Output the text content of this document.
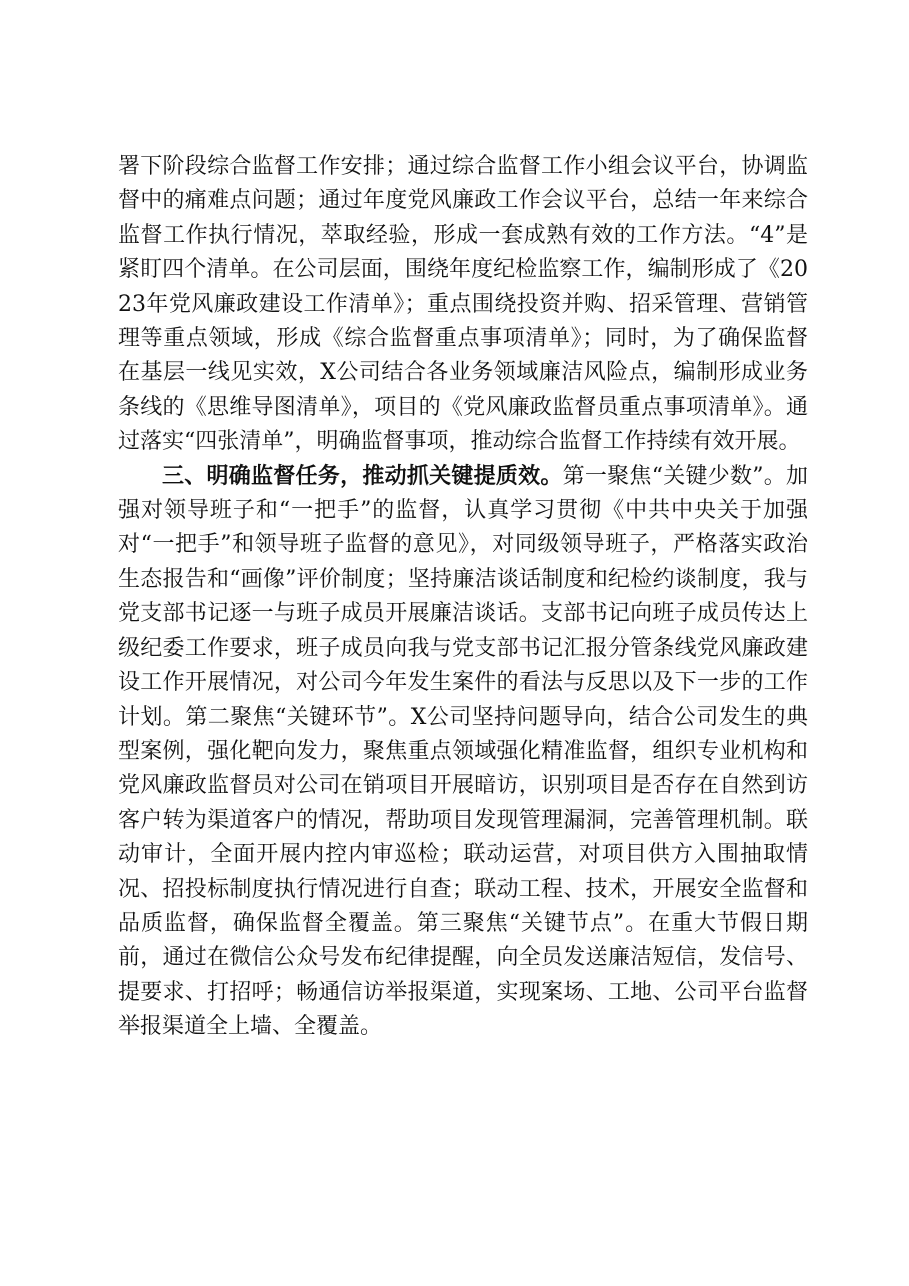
署下阶段综合监督工作安排；通过综合监督工作小组会议平台，协调监督中的痛难点问题；通过年度党风廉政工作会议平台，总结一年来综合监督工作执行情况，萃取经验，形成一套成熟有效的工作方法。“4”是紧盯四个清单。在公司层面，围绕年度纪检监察工作，编制形成了《2023年党风廉政建设工作清单》；重点围绕投资并购、招采管理、营销管理等重点领域，形成《综合监督重点事项清单》；同时，为了确保监督在基层一线见实效，X公司结合各业务领域廉洁风险点，编制形成业务条线的《思维导图清单》，项目的《党风廉政监督员重点事项清单》。通过落实“四张清单”，明确监督事项，推动综合监督工作持续有效开展。

三、明确监督任务，推动抓关键提质效。第一聚焦“关键少数”。加强对领导班子和“一把手”的监督，认真学习贯彻《中共中央关于加强对“一把手”和领导班子监督的意见》，对同级领导班子，严格落实政治生态报告和“画像”评价制度；坚持廉洁谈话制度和纪检约谈制度，我与党支部书记逐一与班子成员开展廉洁谈话。支部书记向班子成员传达上级纪委工作要求，班子成员向我与党支部书记汇报分管条线党风廉政建设工作开展情况，对公司今年发生案件的看法与反思以及下一步的工作计划。第二聚焦“关键环节”。X公司坚持问题导向，结合公司发生的典型案例，强化靶向发力，聚焦重点领域强化精准监督，组织专业机构和党风廉政监督员对公司在销项目开展暗访，识别项目是否存在自然到访客户转为渠道客户的情况，帮助项目发现管理漏洞，完善管理机制。联动审计，全面开展内控内审巡检；联动运营，对项目供方入围抽取情况、招投标制度执行情况进行自查；联动工程、技术，开展安全监督和品质监督，确保监督全覆盖。第三聚焦“关键节点”。在重大节假日期前，通过在微信公众号发布纪律提醒，向全员发送廉洁短信，发信号、提要求、打招呼；畅通信访举报渠道，实现案场、工地、公司平台监督举报渠道全上墙、全覆盖。
